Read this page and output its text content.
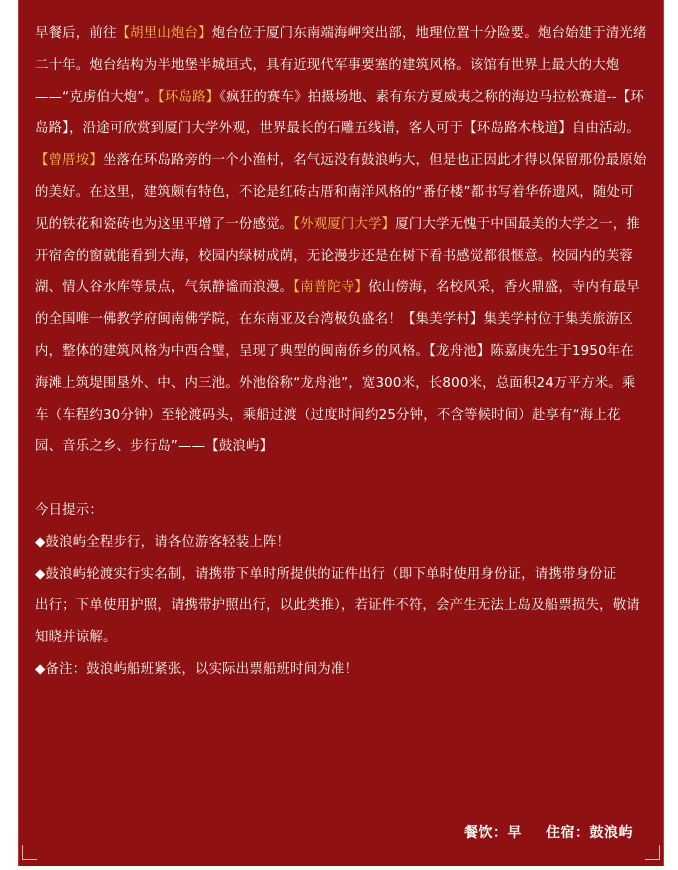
早餐后，前往【胡里山炮台】炮台位于厦门东南端海岬突出部，地理位置十分险要。炮台始建于清光绪二十年。炮台结构为半地堡半城垣式，具有近现代军事要塞的建筑风格。该馆有世界上最大的大炮——“克虏伯大炮”。【环岛路】《疯狂的赛车》拍摄场地、素有东方夏威夷之称的海边马拉松赛道--【环岛路】，沿途可欣赏到厦门大学外观，世界最长的石雕五线谱，客人可于【环岛路木栈道】自由活动。【曾厝垵】坐落在环岛路旁的一个小渔村，名气远没有鼓浪屿大，但是也正因此才得以保留那份最原始的美好。在这里，建筑颇有特色，不论是红砖古厝和南洋风格的“番仔楼”都书写着华侨遗风，随处可见的铁花和瓷砖也为这里平增了一份感觉。【外观厦门大学】厦门大学无愧于中国最美的大学之一，推开宿舍的窗就能看到大海，校园内绿树成荫，无论漫步还是在树下看书感觉都很惬意。校园内的芙蓉湖、情人谷水库等景点，气氛静谧而浪漫。【南普陀寺】依山傍海，名校风采，香火鼎盛，寺内有最早的全国唯一佛教学府闽南佛学院，在东南亚及台湾极负盛名！【集美学村】集美学村位于集美旅游区内，整体的建筑风格为中西合璧，呈现了典型的闽南侨乡的风格。【龙舟池】陈嘉庚先生于1950年在海滩上筑堤围垦外、中、内三池。外池俗称“龙舟池”，宽300米，长800米，总面积24万平方米。乘车（车程约30分钟）至轮渡码头，乘船过渡（过度时间约25分钟，不含等候时间）赴享有“海上花园、音乐之乡、步行岛”——【鼓浪屿】

今日提示：

◆鼓浪屿全程步行，请各位游客轻装上阵！

◆鼓浪屿轮渡实行实名制，请携带下单时所提供的证件出行（即下单时使用身份证，请携带身份证

出行；下单使用护照，请携带护照出行，以此类推），若证件不符，会产生无法上岛及船票损失，敬请知晓并谅解。

◆备注：鼓浪屿船班紧张，以实际出票船班时间为准！

餐饮：早 住宿：鼓浪屿
